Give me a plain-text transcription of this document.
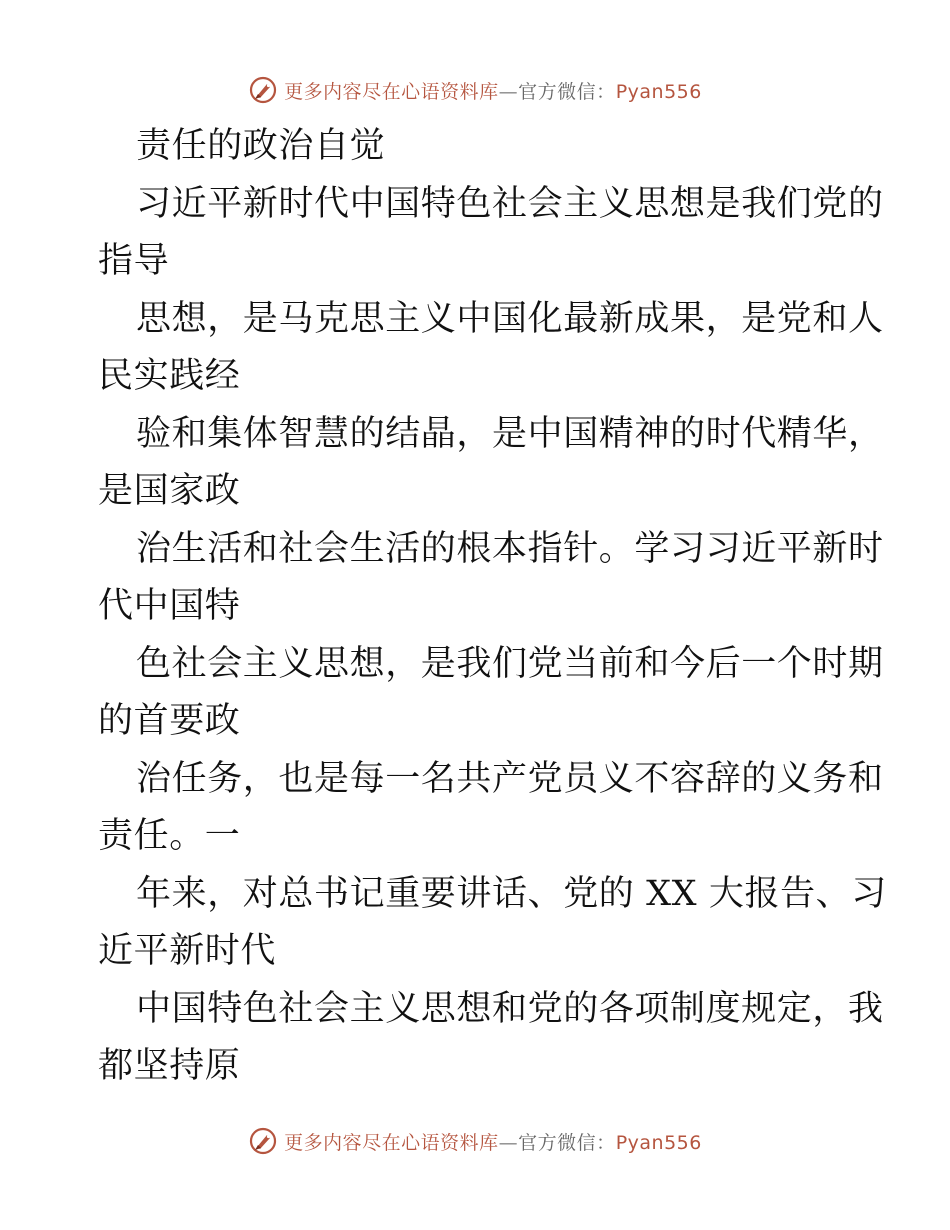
更多内容尽在心语资料库—官方微信：Pyan556
责任的政治自觉
习近平新时代中国特色社会主义思想是我们党的
指导
思想，是马克思主义中国化最新成果，是党和人
民实践经
验和集体智慧的结晶，是中国精神的时代精华，
是国家政
治生活和社会生活的根本指针。学习习近平新时
代中国特
色社会主义思想，是我们党当前和今后一个时期
的首要政
治任务，也是每一名共产党员义不容辞的义务和
责任。一
年来，对总书记重要讲话、党的 XX 大报告、习
近平新时代
中国特色社会主义思想和党的各项制度规定，我
都坚持原
更多内容尽在心语资料库—官方微信：Pyan556
